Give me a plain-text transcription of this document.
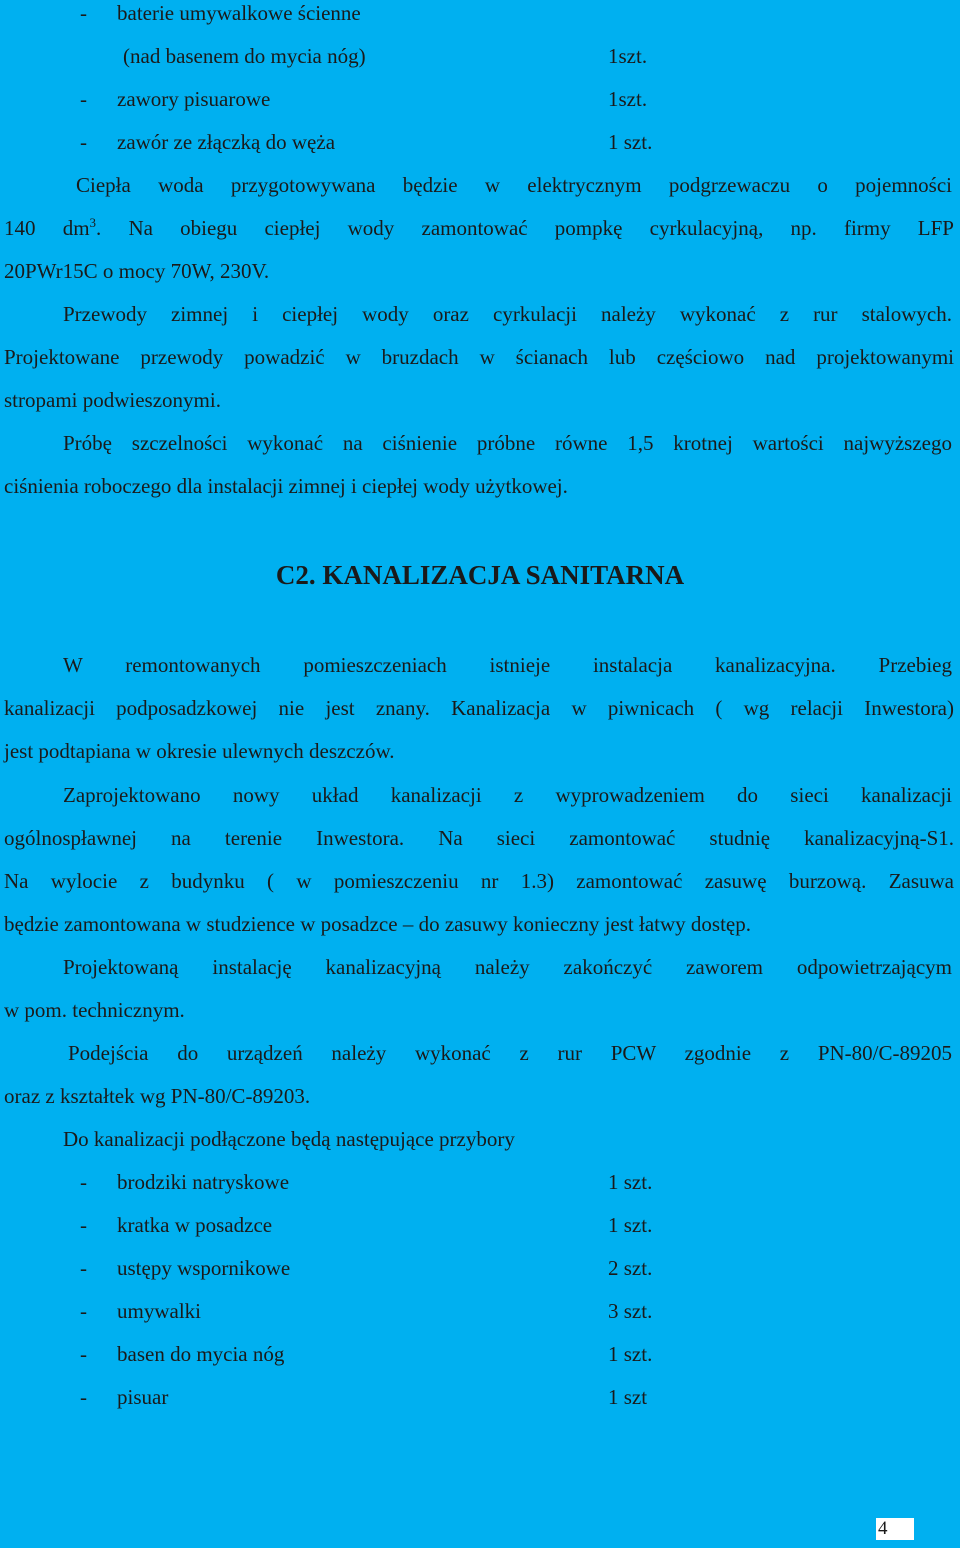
- baterie umywalkowe ścienne
(nad basenem do mycia nóg)	1szt.
- zawory pisuarowe	1szt.
- zawór ze złączką do węża	1 szt.
Ciepła woda przygotowywana będzie w elektrycznym podgrzewaczu o pojemności
140 $dm^3$. Na obiegu ciepłej wody zamontować pompkę cyrkulacyjną, np. firmy LFP
20PWr15C o mocy 70W, 230V.
Przewody zimnej i ciepłej wody oraz cyrkulacji należy wykonać z rur stalowych.
Projektowane przewody powadzić w bruzdach w ścianach lub częściowo nad projektowanymi
stropami podwieszonymi.
Próbę szczelności wykonać na ciśnienie próbne równe 1,5 krotnej wartości najwyższego
ciśnienia roboczego dla instalacji zimnej i ciepłej wody użytkowej.
C2. KANALIZACJA SANITARNA
W remontowanych pomieszczeniach istnieje instalacja kanalizacyjna. Przebieg
kanalizacji podposadzkowej nie jest znany. Kanalizacja w piwnicach ( wg relacji Inwestora)
jest podtapiana w okresie ulewnych deszczów.
Zaprojektowano nowy układ kanalizacji z wyprowadzeniem do sieci kanalizacji
ogólnospławnej na terenie Inwestora. Na sieci zamontować studnię kanalizacyjną-S1.
Na wylocie z budynku ( w pomieszczeniu nr 1.3) zamontować zasuwę burzową. Zasuwa
będzie zamontowana w studzience w posadzce – do zasuwy konieczny jest łatwy dostęp.
Projektowaną instalację kanalizacyjną należy zakończyć zaworem odpowietrzającym
w pom. technicznym.
Podejścia do urządzeń należy wykonać z rur PCW zgodnie z PN-80/C-89205
oraz z kształtek wg PN-80/C-89203.
Do kanalizacji podłączone będą następujące przybory
- brodziki natryskowe	1 szt.
- kratka w posadzce	1 szt.
- ustępy wspornikowe	2 szt.
- umywalki	3 szt.
- basen do mycia nóg	1 szt.
- pisuar	1 szt
4
